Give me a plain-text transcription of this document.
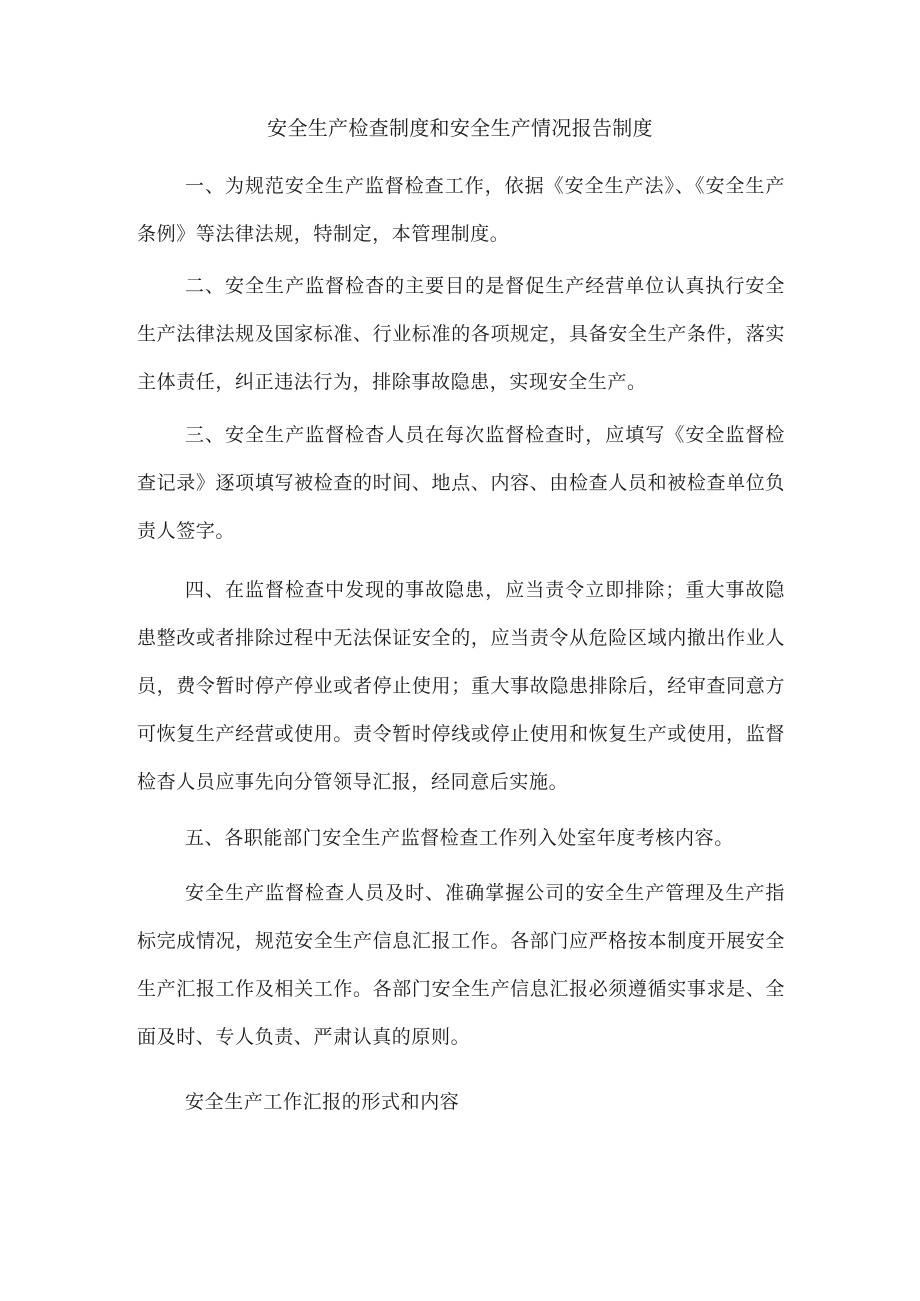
安全生产检查制度和安全生产情况报告制度

一、为规范安全生产监督检查工作，依据《安全生产法》、《安全生产条例》等法律法规，特制定，本管理制度。

二、安全生产监督检杳的主要目的是督促生产经营单位认真执行安全生产法律法规及国家标准、行业标准的各项规定，具备安全生产条件，落实主体责任，纠正违法行为，排除事故隐患，实现安全生产。

三、安全生产监督检杳人员在每次监督检查时，应填写《安全监督检查记录》逐项填写被检查的时间、地点、内容、由检查人员和被检查单位负责人签字。

四、在监督检查中发现的事故隐患，应当责令立即排除；重大事故隐患整改或者排除过程中无法保证安全的，应当责令从危险区域内撤出作业人员，费令暂时停产停业或者停止使用；重大事故隐患排除后，经审查同意方可恢复生产经营或使用。责令暂时停线或停止使用和恢复生产或使用，监督检杳人员应事先向分管领导汇报，经同意后实施。

五、各职能部门安全生产监督检查工作列入处室年度考核内容。

安全生产监督检查人员及时、准确掌握公司的安全生产管理及生产指标完成情况，规范安全生产信息汇报工作。各部门应严格按本制度开展安全生产汇报工作及相关工作。各部门安全生产信息汇报必须遵循实事求是、全面及时、专人负责、严肃认真的原则。

安全生产工作汇报的形式和内容
